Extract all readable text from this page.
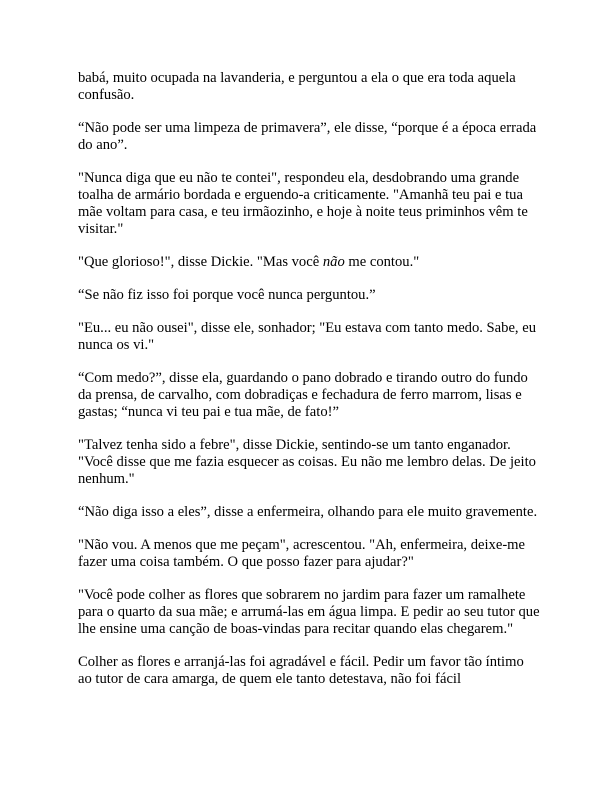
babá, muito ocupada na lavanderia, e perguntou a ela o que era toda aquela confusão.

“Não pode ser uma limpeza de primavera”, ele disse, “porque é a época errada do ano”.

"Nunca diga que eu não te contei", respondeu ela, desdobrando uma grande toalha de armário bordada e erguendo-a criticamente. "Amanhã teu pai e tua mãe voltam para casa, e teu irmãozinho, e hoje à noite teus priminhos vêm te visitar."

"Que glorioso!", disse Dickie. "Mas você não me contou."

“Se não fiz isso foi porque você nunca perguntou.”

"Eu... eu não ousei", disse ele, sonhador; "Eu estava com tanto medo. Sabe, eu nunca os vi."

“Com medo?”, disse ela, guardando o pano dobrado e tirando outro do fundo da prensa, de carvalho, com dobradiças e fechadura de ferro marrom, lisas e gastas; “nunca vi teu pai e tua mãe, de fato!”

"Talvez tenha sido a febre", disse Dickie, sentindo-se um tanto enganador. "Você disse que me fazia esquecer as coisas. Eu não me lembro delas. De jeito nenhum."

“Não diga isso a eles”, disse a enfermeira, olhando para ele muito gravemente.

"Não vou. A menos que me peçam", acrescentou. "Ah, enfermeira, deixe-me fazer uma coisa também. O que posso fazer para ajudar?"

"Você pode colher as flores que sobrarem no jardim para fazer um ramalhete para o quarto da sua mãe; e arrumá-las em água limpa. E pedir ao seu tutor que lhe ensine uma canção de boas-vindas para recitar quando elas chegarem."

Colher as flores e arranjá-las foi agradável e fácil. Pedir um favor tão íntimo ao tutor de cara amarga, de quem ele tanto detestava, não foi fácil
